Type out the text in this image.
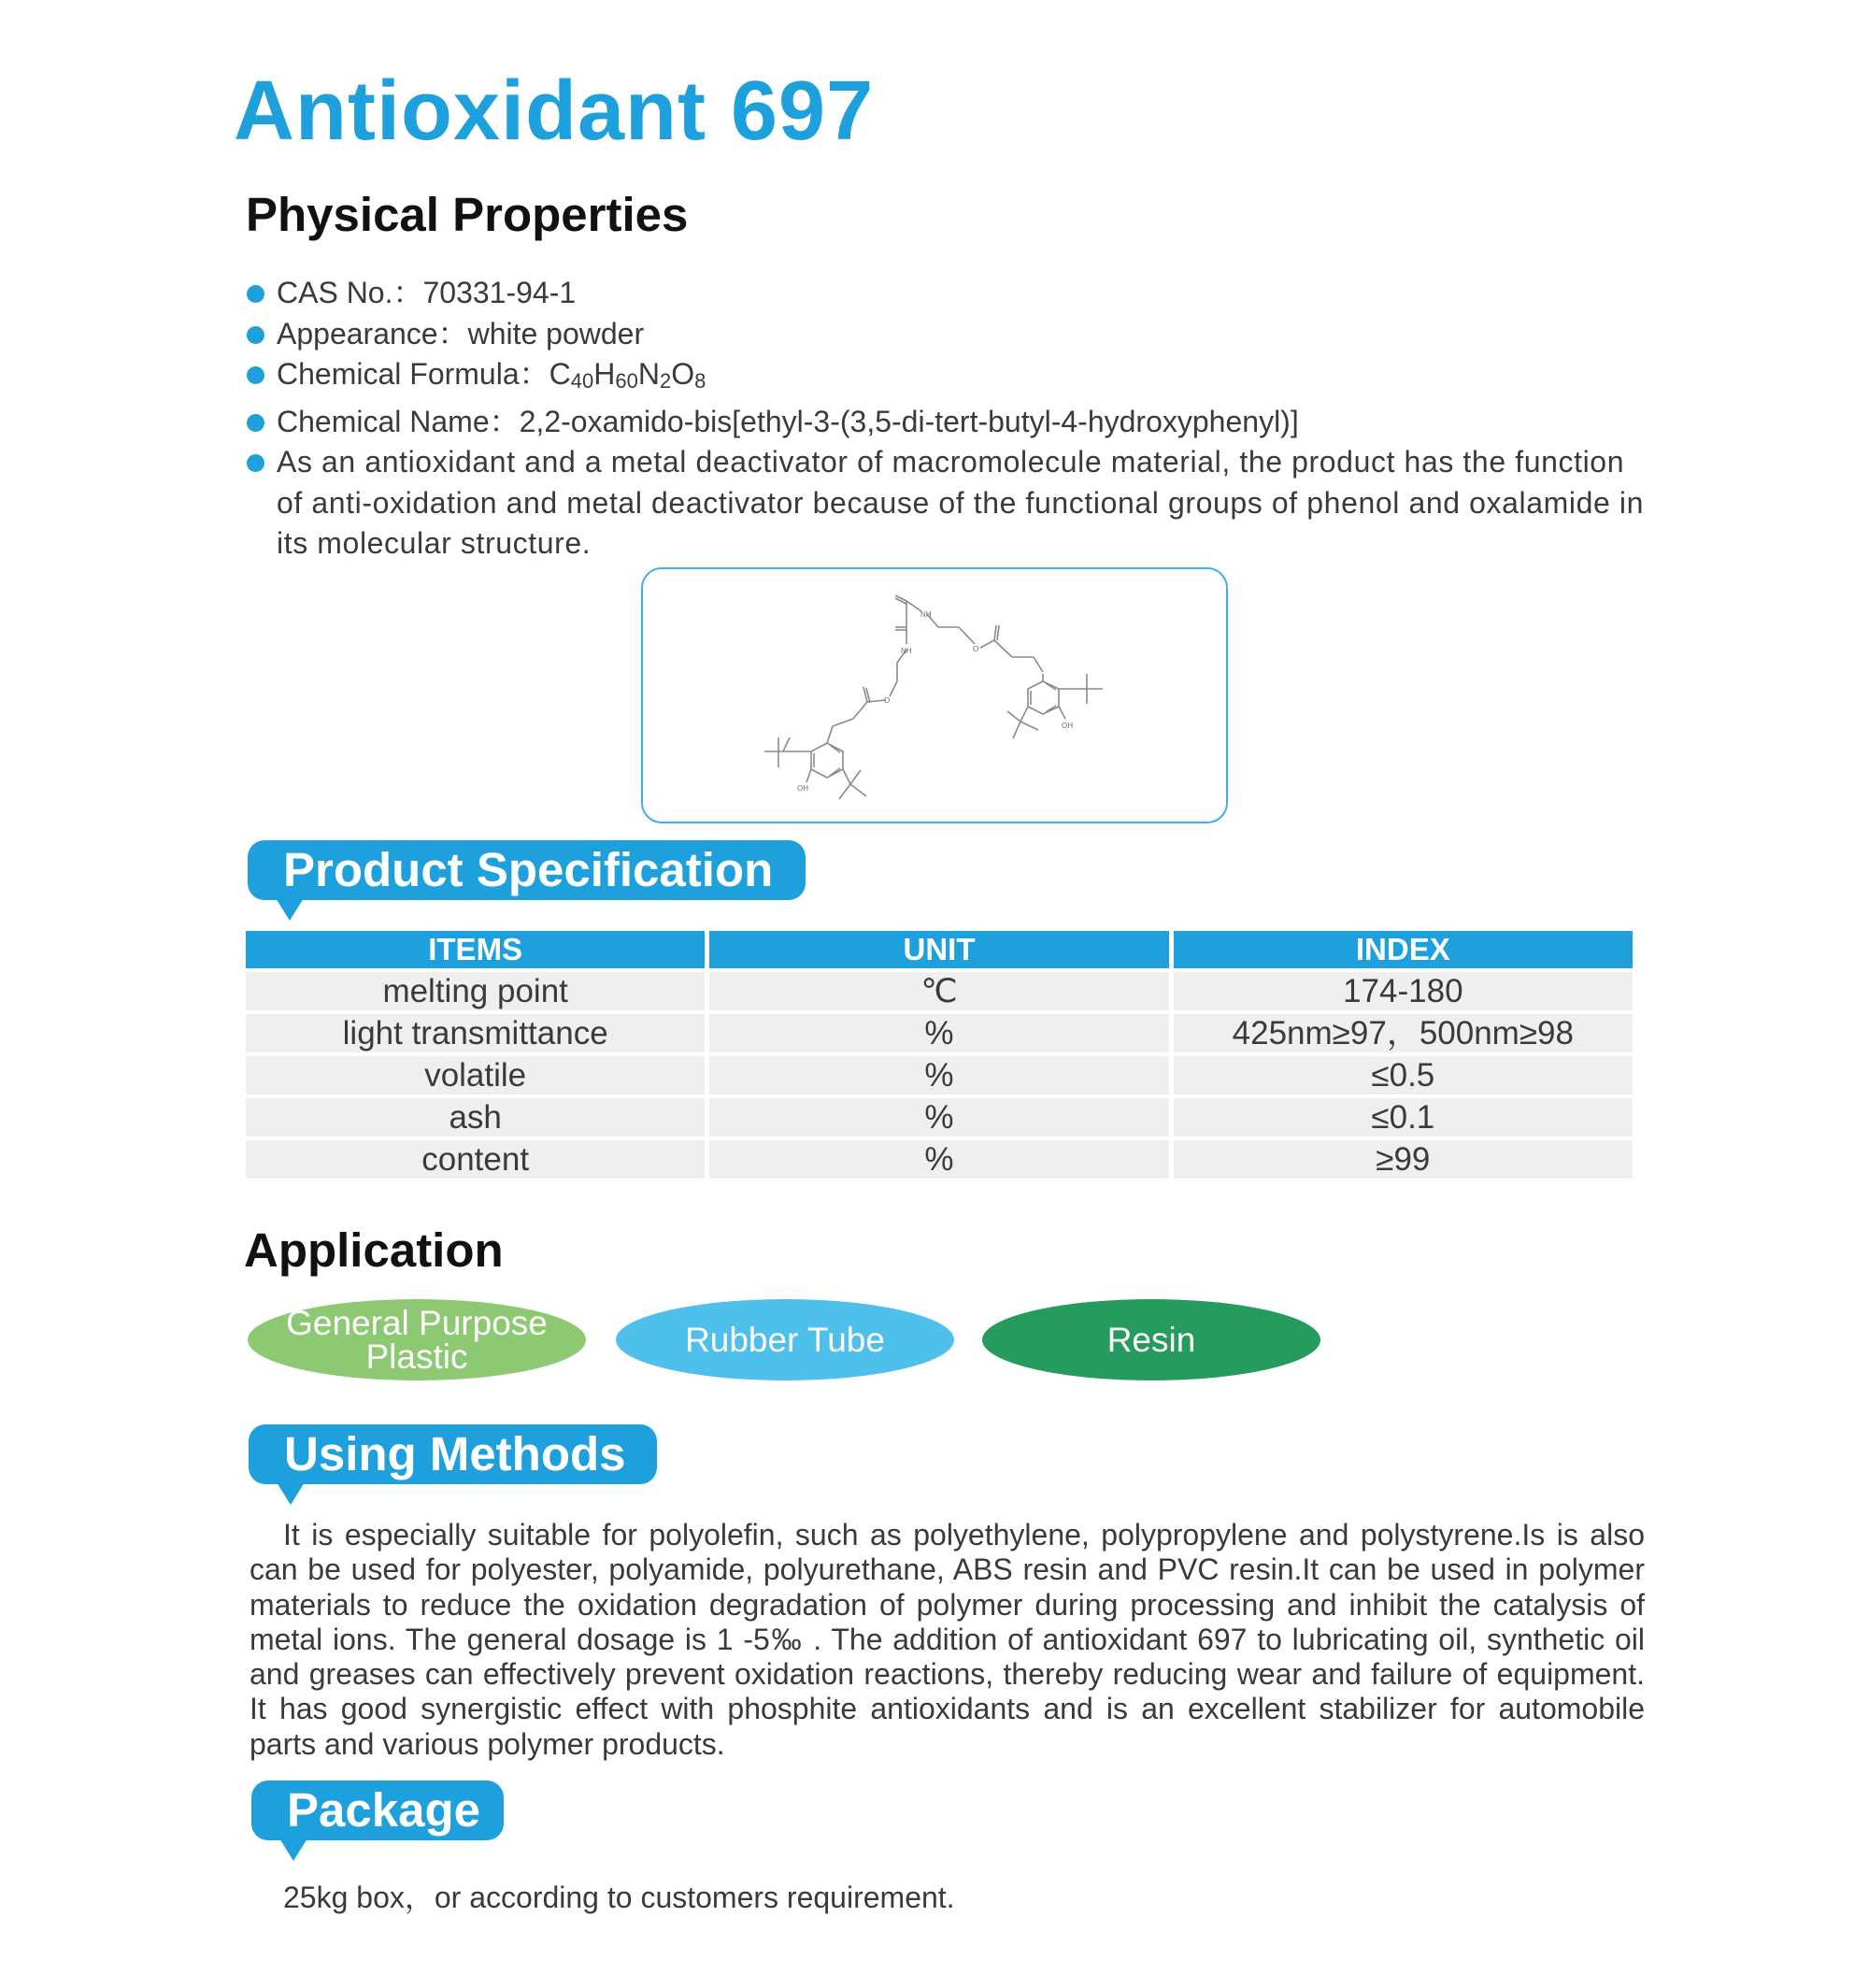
Antioxidant 697
Physical Properties
CAS No.：70331-94-1
Appearance：white powder
Chemical Formula：$C_{40}H_{60}N_2O_8$
Chemical Name：2,2-oxamido-bis[ethyl-3-(3,5-di-tert-butyl-4-hydroxyphenyl)]
As an antioxidant and a metal deactivator of macromolecule material, the product has the function of anti-oxidation and metal deactivator because of the functional groups of phenol and oxalamide in its molecular structure.
NH
NH
O
O
OH
OH
Product Specification
ITEMS	UNIT	INDEX
melting point	℃	174-180
light transmittance	%	425nm≥97，500nm≥98
volatile	%	≤0.5
ash	%	≤0.1
content	%	≥99
Application
General Purpose Plastic	Rubber Tube	Resin
Using Methods

It is especially suitable for polyolefin, such as polyethylene, polypropylene and polystyrene.Is is also can be used for polyester, polyamide, polyurethane, ABS resin and PVC resin.It can be used in polymer materials to reduce the oxidation degradation of polymer during processing and inhibit the catalysis of metal ions. The general dosage is 1 -5‰ . The addition of antioxidant 697 to lubricating oil, synthetic oil and greases can effectively prevent oxidation reactions, thereby reducing wear and failure of equipment. It has good synergistic effect with phosphite antioxidants and is an excellent stabilizer for automobile parts and various polymer products.

Package

25kg box，or according to customers requirement.
